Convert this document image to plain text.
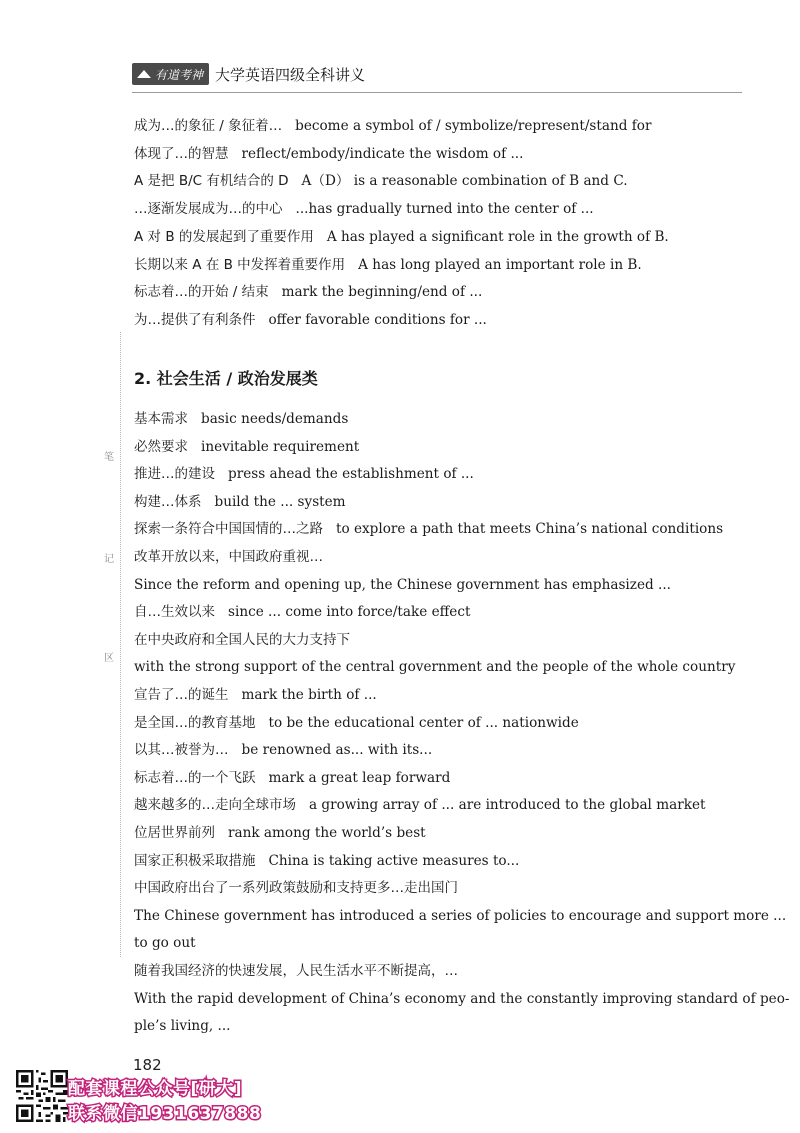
有道考神 大学英语四级全科讲义
成为…的象征 / 象征着… become a symbol of / symbolize/represent/stand for
体现了…的智慧 reflect/embody/indicate the wisdom of ...
A 是把 B/C 有机结合的 D A（D） is a reasonable combination of B and C.
…逐渐发展成为…的中心 ...has gradually turned into the center of ...
A 对 B 的发展起到了重要作用 A has played a significant role in the growth of B.
长期以来 A 在 B 中发挥着重要作用 A has long played an important role in B.
标志着…的开始 / 结束 mark the beginning/end of ...
为…提供了有利条件 offer favorable conditions for ...
2. 社会生活 / 政治发展类
基本需求 basic needs/demands
必然要求 inevitable requirement
推进…的建设 press ahead the establishment of ...
构建…体系 build the ... system
探索一条符合中国国情的…之路 to explore a path that meets China’s national conditions
改革开放以来，中国政府重视…
Since the reform and opening up, the Chinese government has emphasized ...
自…生效以来 since ... come into force/take effect
在中央政府和全国人民的大力支持下
with the strong support of the central government and the people of the whole country
宣告了…的诞生 mark the birth of ...
是全国…的教育基地 to be the educational center of ... nationwide
以其…被誉为… be renowned as... with its...
标志着…的一个飞跃 mark a great leap forward
越来越多的…走向全球市场 a growing array of ... are introduced to the global market
位居世界前列 rank among the world’s best
国家正积极采取措施 China is taking active measures to...
中国政府出台了一系列政策鼓励和支持更多…走出国门
The Chinese government has introduced a series of policies to encourage and support more ...
to go out
随着我国经济的快速发展，人民生活水平不断提高，…
With the rapid development of China’s economy and the constantly improving standard of peo-
ple’s living, ...
笔
记
区
182
配套课程公众号[研大]
联系微信1931637888
